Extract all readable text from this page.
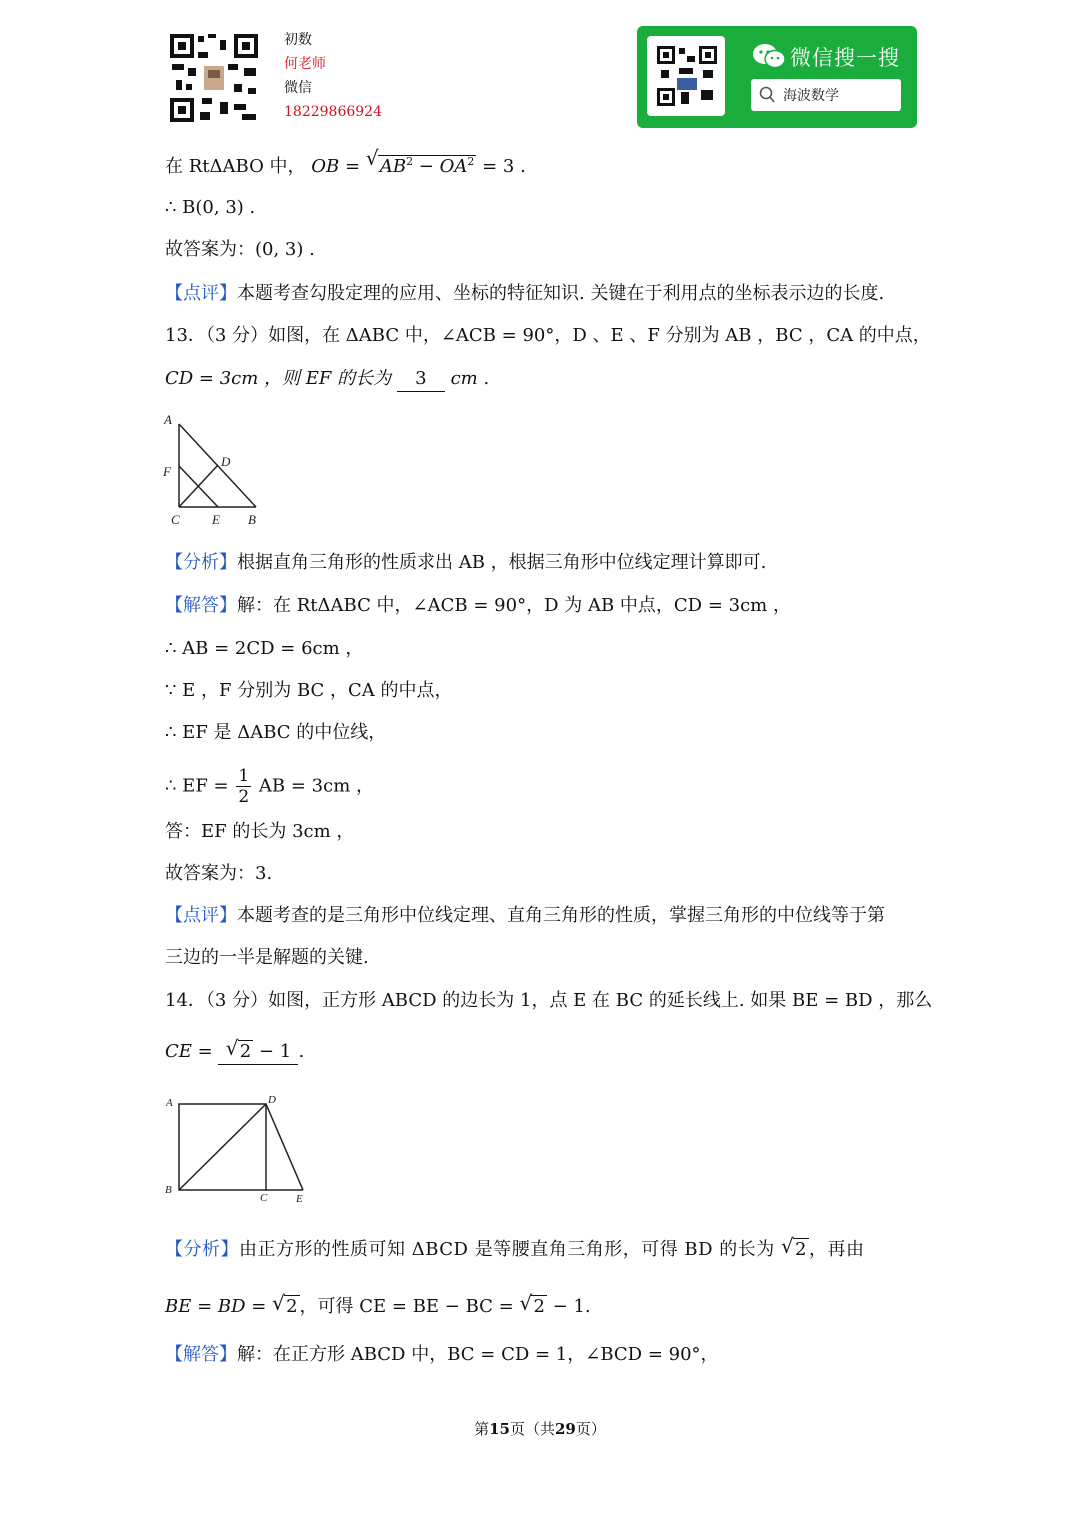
初数
何老师
微信
18229866924
微信搜一搜
海波数学
在 RtΔABO 中， OB = √ $AB^2 - OA^2 = 3$ .
∴ B(0, 3) .
故答案为：(0, 3) .
【点评】本题考查勾股定理的应用、坐标的特征知识. 关键在于利用点的坐标表示边的长度.
13．（3 分）如图，在 ΔABC 中，∠ACB = 90°，D 、E 、F 分别为 AB ，BC ，CA 的中点，
CD = 3cm ，则 EF 的长为 3 cm .
A
D
F
C E B
【分析】根据直角三角形的性质求出 AB ，根据三角形中位线定理计算即可.
【解答】解：在 RtΔABC 中，∠ACB = 90°，D 为 AB 中点，CD = 3cm ，
∴ AB = 2CD = 6cm ，
∵ E ，F 分别为 BC ，CA 的中点，
∴ EF 是 ΔABC 的中位线，
∴ EF = $\frac{1}{2}$ AB = 3cm ，
答：EF 的长为 3cm ，
故答案为：3.
【点评】本题考查的是三角形中位线定理、直角三角形的性质，掌握三角形的中位线等于第
三边的一半是解题的关键.
14．（3 分）如图，正方形 ABCD 的边长为 1，点 E 在 BC 的延长线上. 如果 BE = BD ，那么
CE = √ 2 − 1 .
A	D
B
C	E
【分析】由正方形的性质可知 ΔBCD 是等腰直角三角形，可得 BD 的长为 √ 2 ，再由
BE = BD = √ 2 ，可得 CE = BE − BC = √ 2 − 1.
【解答】解：在正方形 ABCD 中，BC = CD = 1，∠BCD = 90°，
第15页（共29页）
